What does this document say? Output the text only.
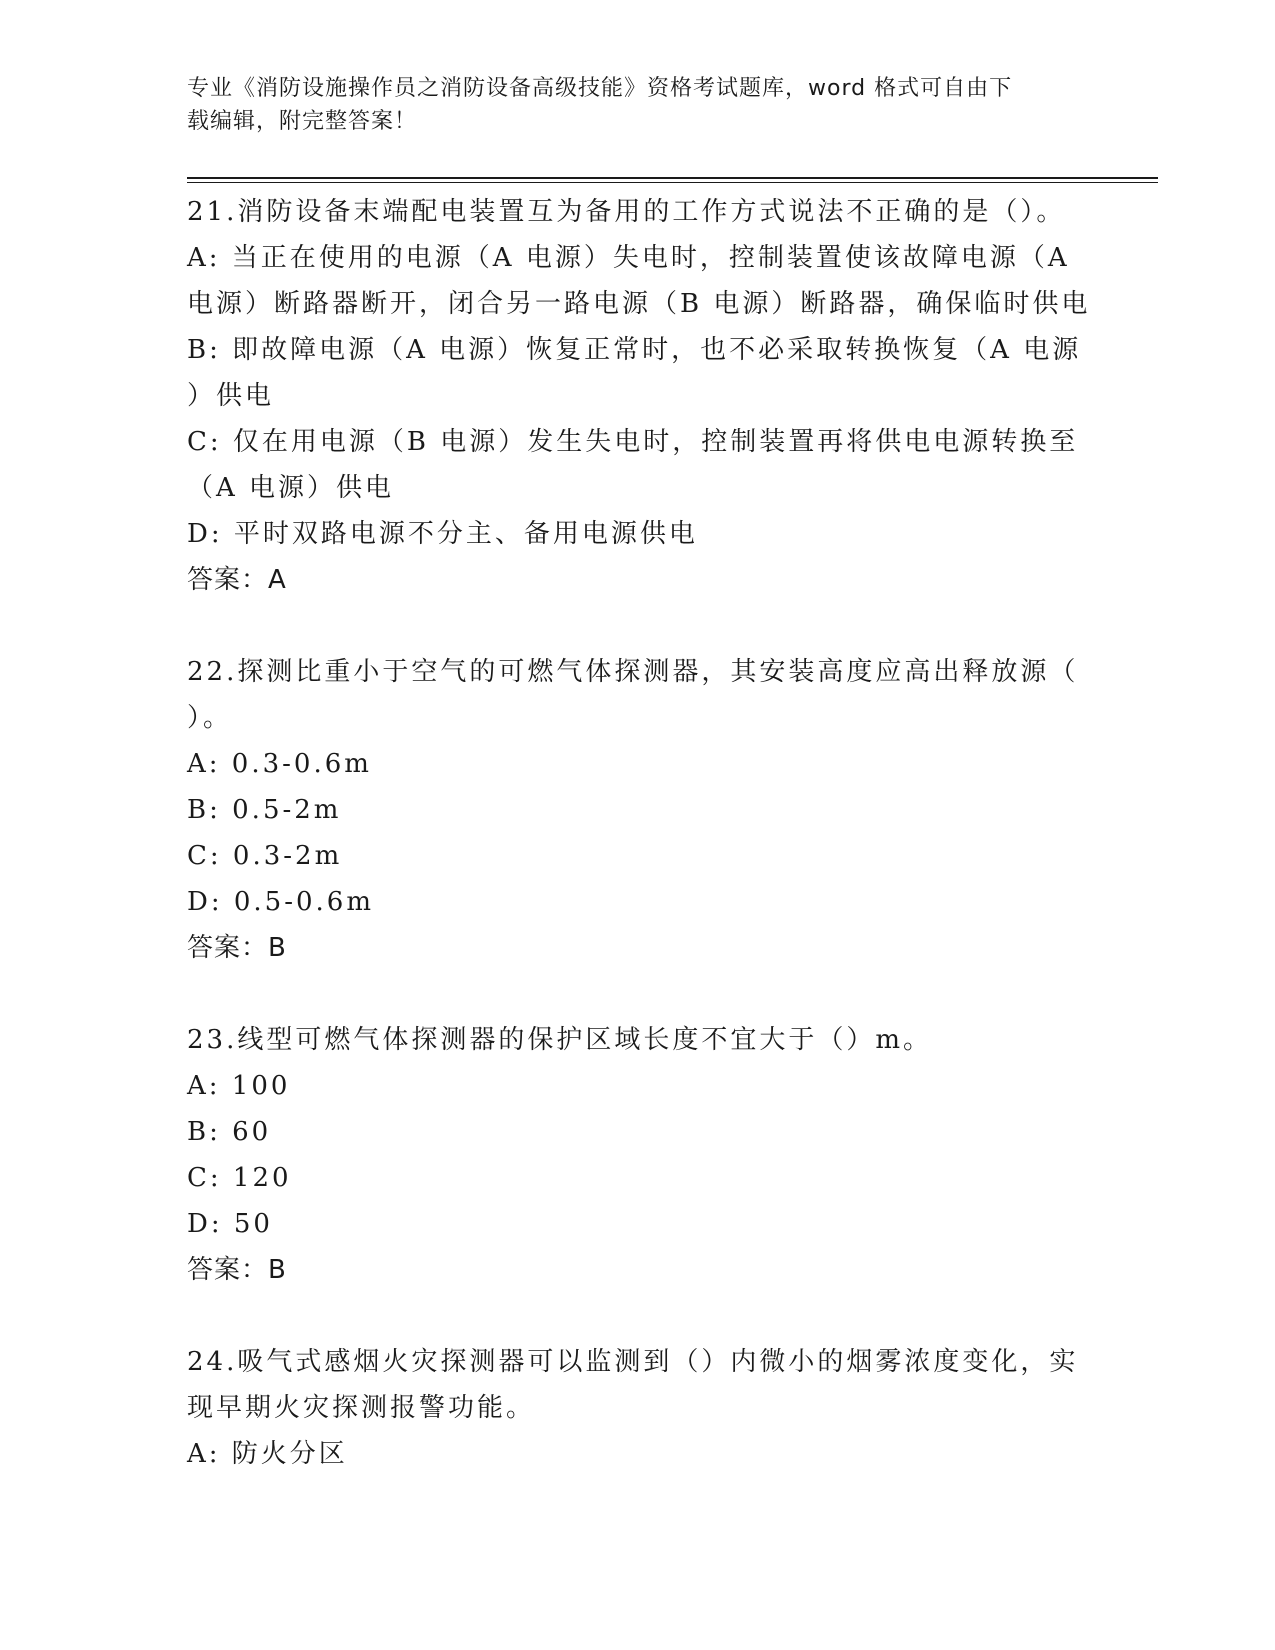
专业《消防设施操作员之消防设备高级技能》资格考试题库，word 格式可自由下
载编辑，附完整答案！
21.消防设备末端配电装置互为备用的工作方式说法不正确的是（）。
A: 当正在使用的电源（A 电源）失电时，控制装置使该故障电源（A
电源）断路器断开，闭合另一路电源（B 电源）断路器，确保临时供电
B: 即故障电源（A 电源）恢复正常时，也不必采取转换恢复（A 电源
）供电
C: 仅在用电源（B 电源）发生失电时，控制装置再将供电电源转换至
（A 电源）供电
D: 平时双路电源不分主、备用电源供电
答案：A
22.探测比重小于空气的可燃气体探测器，其安装高度应高出释放源（
）。
A: 0.3-0.6m
B: 0.5-2m
C: 0.3-2m
D: 0.5-0.6m
答案：B
23.线型可燃气体探测器的保护区域长度不宜大于（）m。
A: 100
B: 60
C: 120
D: 50
答案：B
24.吸气式感烟火灾探测器可以监测到（）内微小的烟雾浓度变化，实
现早期火灾探测报警功能。
A: 防火分区
